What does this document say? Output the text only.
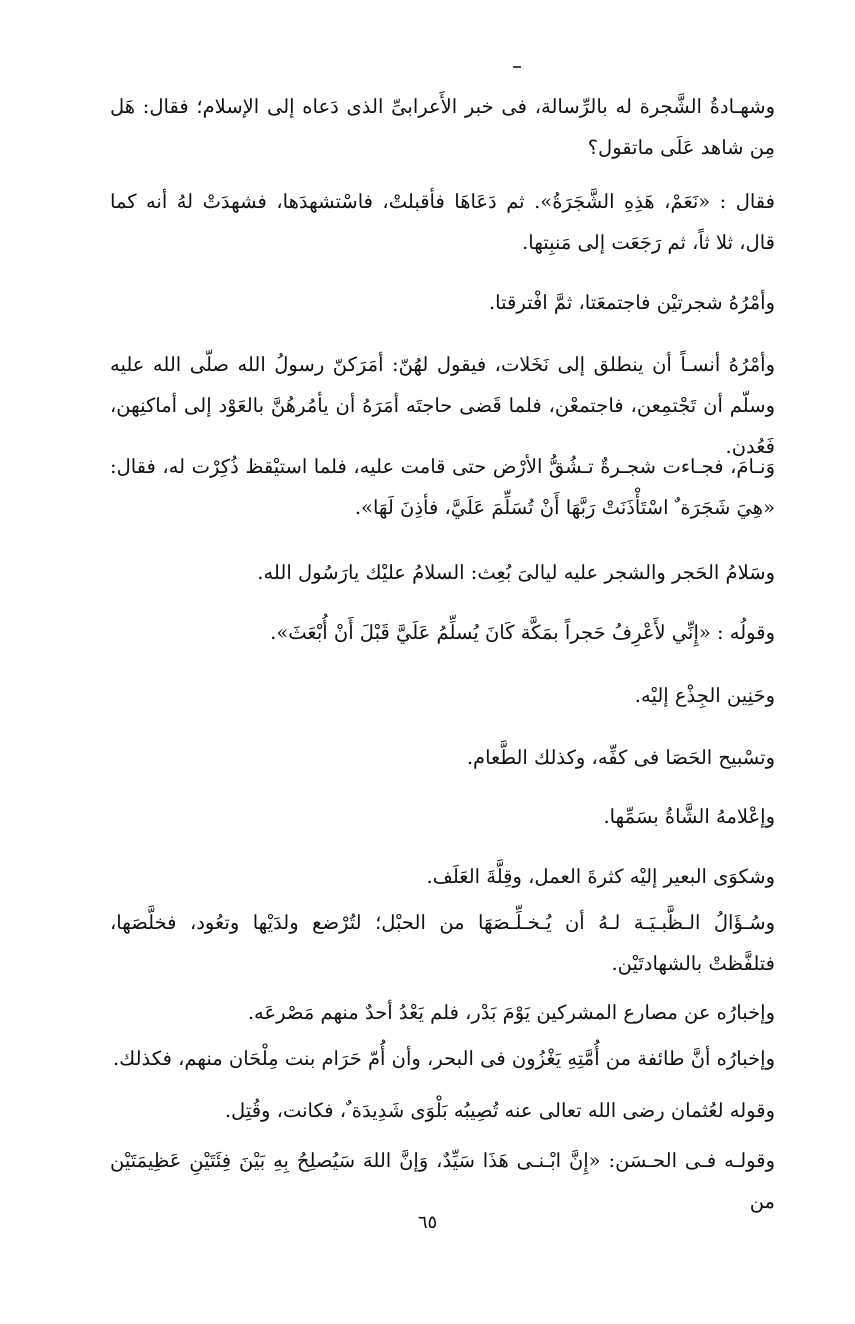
وشهـادةُ الشَّجرة له بالرِّسالة، فى خبر الأَعرابىِّ الذى دَعاه إلى الإسلام؛ فقال: هَل مِن شاهد عَلَى ماتقول؟
فقال : «نَعَمْ، هَذِهِ الشَّجَرَةُ». ثم دَعَاهَا فأقبلتْ، فاسْتشهدَها، فشهدَتْ لهُ أنه كما قال، ثلا ثاً، ثم رَجَعَت إلى مَنبِتها.
وأمْرُهُ شجرتيْن فاجتمعَتا، ثمَّ افْترقتا.
وأمْرُهُ أنسـاً أن ينطلق إلى نَخَلات، فيقول لهُنّ: أمَرَكنّ رسولُ الله صلّى الله عليه وسلّم أن تَجْتمِعن، فاجتمعْن، فلما قَضى حاجتَه أمَرَهُ أن يأمُرهُنَّ بالعَوْد إلى أماكنِهن، فَعُدن.
وَنـامَ، فجـاءت شجـرةٌ تـشُقُّ الأرْض حتى قامت عليه، فلما استيْقظ ذُكِرْت له، فقال: «هِيَ شَجَرَة ٌ اسْتَأْذَنَتْ رَبَّهَا أَنْ تُسَلِّمَ عَلَيَّ، فأذِنَ لَهَا».
وسَلامُ الحَجر والشجر عليه ليالىَ بُعِث: السلامُ عليْك يارَسُول الله.
وقولُه : «إِنِّي لأَعْرِفُ حَجراً بمَكَّة كَانَ يُسلِّمُ عَلَيَّ قَبْلَ أَنْ أُبْعَثَ».
وحَنِين الجِذْع إليْه.
وتسْبيح الحَصَا فى كفِّه، وكذلك الطَّعام.
وإعْلامهُ الشَّاةُ بسَمِّها.
وشكوَى البعير إليْه كثرةَ العمل، وقِلَّةَ العَلَف.
وسُـؤَالُ الـظَّبـيَـة لـهُ أن يُـخـلِّـصَهَا من الحبْل؛ لتُرْضع ولدَيْها وتعُود، فخلَّصَها، فتلفَّظتْ بالشهادتَيْن.
وإخبارُه عن مصارع المشركين يَوْمَ بَدْر، فلم يَعْدُ أحدٌ منهم مَصْرعَه.
وإخبارُه أنَّ طائفة من أُمَّتِهِ يَغْزُون فى البحر، وأن أُمّ حَرَام بنت مِلْحَان منهم، فكذلك.
وقوله لعُثمان رضى الله تعالى عنه تُصِيبُه بَلْوَى شَدِيدَة ٌ، فكانت، وقُتِل.
وقولـه فـى الحـسَن: «إِنَّ ابْـنـى هَذَا سَيِّدٌ، وَإنَّ اللهَ سَيُصلِحُ بِهِ بَيْنَ فِئَتَيْنِ عَظِيمَتَيْن من
٦٥
